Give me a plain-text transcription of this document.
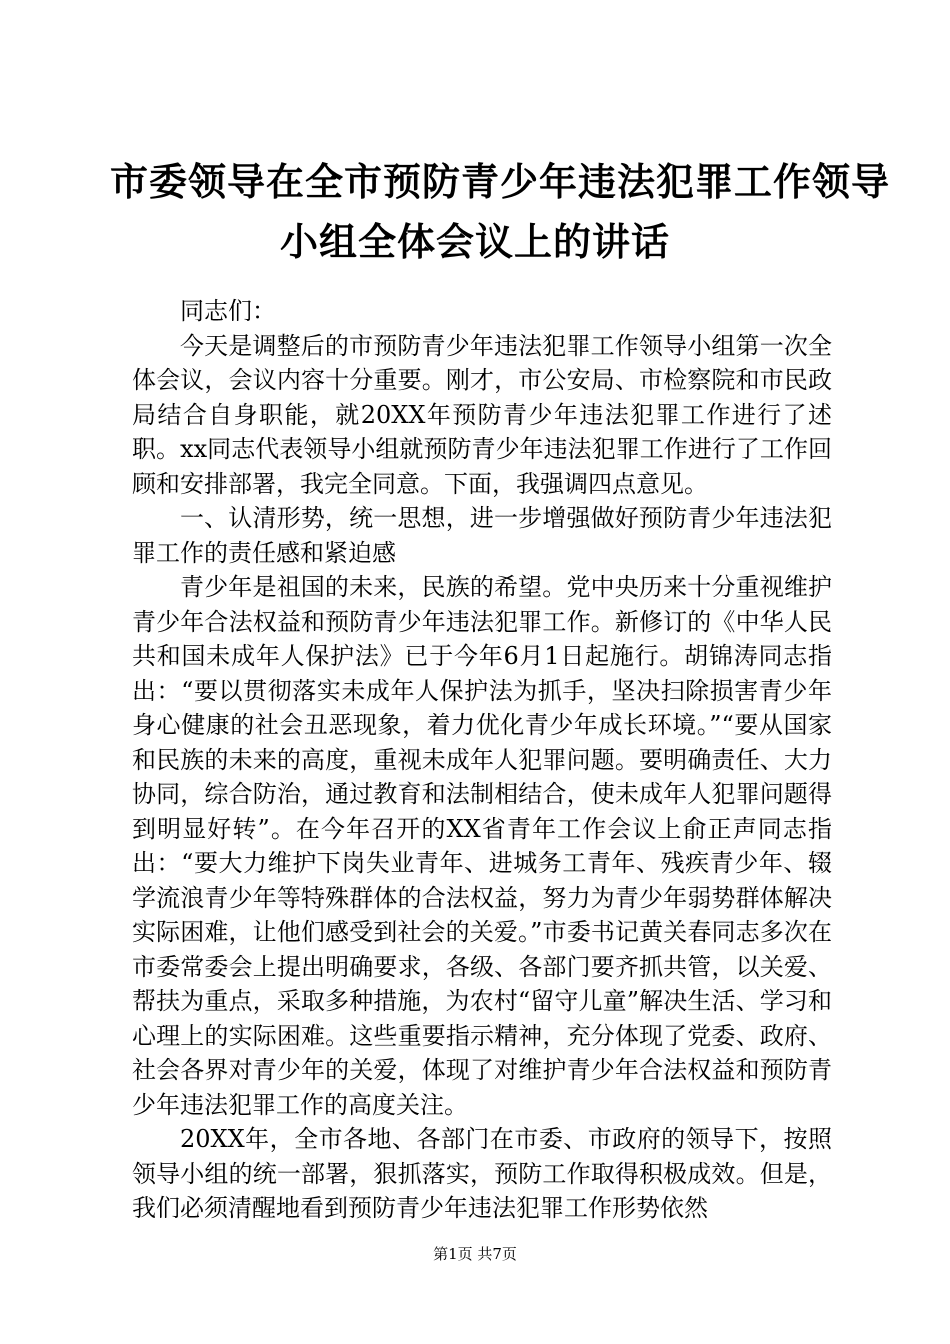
市委领导在全市预防青少年违法犯罪工作领导
小组全体会议上的讲话

同志们：

今天是调整后的市预防青少年违法犯罪工作领导小组第一次全体会议，会议内容十分重要。刚才，市公安局、市检察院和市民政局结合自身职能，就20XX年预防青少年违法犯罪工作进行了述职。xx同志代表领导小组就预防青少年违法犯罪工作进行了工作回顾和安排部署，我完全同意。下面，我强调四点意见。

一、认清形势，统一思想，进一步增强做好预防青少年违法犯罪工作的责任感和紧迫感

青少年是祖国的未来，民族的希望。党中央历来十分重视维护青少年合法权益和预防青少年违法犯罪工作。新修订的《中华人民共和国未成年人保护法》已于今年6月1日起施行。胡锦涛同志指出：“要以贯彻落实未成年人保护法为抓手，坚决扫除损害青少年身心健康的社会丑恶现象，着力优化青少年成长环境。”“要从国家和民族的未来的高度，重视未成年人犯罪问题。要明确责任、大力协同，综合防治，通过教育和法制相结合，使未成年人犯罪问题得到明显好转”。在今年召开的XX省青年工作会议上俞正声同志指出：“要大力维护下岗失业青年、进城务工青年、残疾青少年、辍学流浪青少年等特殊群体的合法权益，努力为青少年弱势群体解决实际困难，让他们感受到社会的关爱。”市委书记黄关春同志多次在市委常委会上提出明确要求，各级、各部门要齐抓共管，以关爱、帮扶为重点，采取多种措施，为农村“留守儿童”解决生活、学习和心理上的实际困难。这些重要指示精神，充分体现了党委、政府、社会各界对青少年的关爱，体现了对维护青少年合法权益和预防青少年违法犯罪工作的高度关注。

20XX年，全市各地、各部门在市委、市政府的领导下，按照领导小组的统一部署，狠抓落实，预防工作取得积极成效。但是，我们必须清醒地看到预防青少年违法犯罪工作形势依然

第1页 共7页
